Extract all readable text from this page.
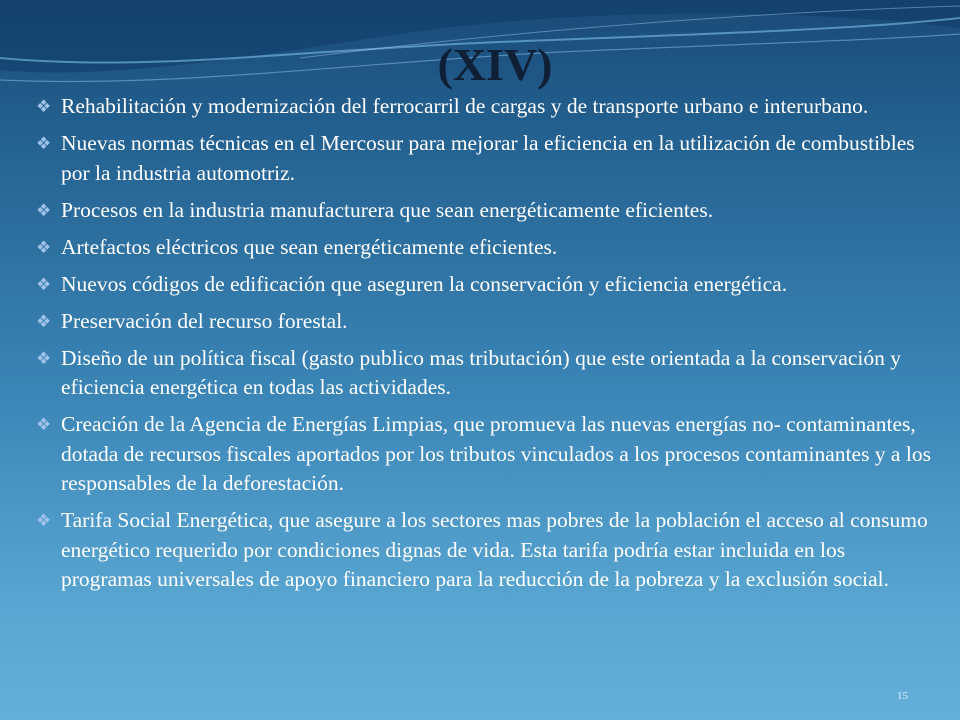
(XIV)
❖ Rehabilitación y modernización del ferrocarril de cargas y de transporte urbano e interurbano.
❖ Nuevas normas técnicas en el Mercosur para mejorar la eficiencia en la utilización de combustibles por la industria automotriz.
❖ Procesos en la industria manufacturera que sean energéticamente eficientes.
❖ Artefactos eléctricos que sean energéticamente eficientes.
❖ Nuevos códigos de edificación que aseguren la conservación y eficiencia energética.
❖ Preservación del recurso forestal.
❖ Diseño de un política fiscal (gasto publico mas tributación) que este orientada a la conservación y eficiencia energética en todas las actividades.
❖ Creación de la Agencia de Energías Limpias, que promueva las nuevas energías no- contaminantes, dotada de recursos fiscales aportados por los tributos vinculados a los procesos contaminantes y a los responsables de la deforestación.
❖ Tarifa Social Energética, que asegure a los sectores mas pobres de la población el acceso al consumo energético requerido por condiciones dignas de vida. Esta tarifa podría estar incluida en los programas universales de apoyo financiero para la reducción de la pobreza y la exclusión social.
15
